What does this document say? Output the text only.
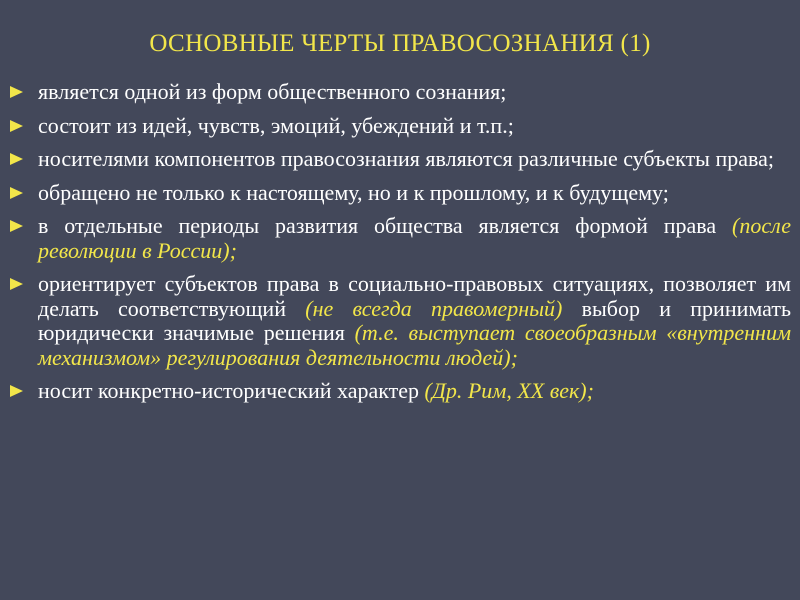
ОСНОВНЫЕ ЧЕРТЫ ПРАВОСОЗНАНИЯ (1)
является одной из форм общественного сознания;
состоит из идей, чувств, эмоций, убеждений и т.п.;
носителями компонентов правосознания являются различные субъекты права;
обращено не только к настоящему, но и к прошлому, и к будущему;
в отдельные периоды развития общества является формой права (после революции в России);
ориентирует субъектов права в социально-правовых ситуациях, позволяет им делать соответствующий (не всегда правомерный) выбор и принимать юридически значимые решения (т.е. выступает своеобразным «внутренним механизмом» регулирования деятельности людей);
носит конкретно-исторический характер (Др. Рим, XX век);
